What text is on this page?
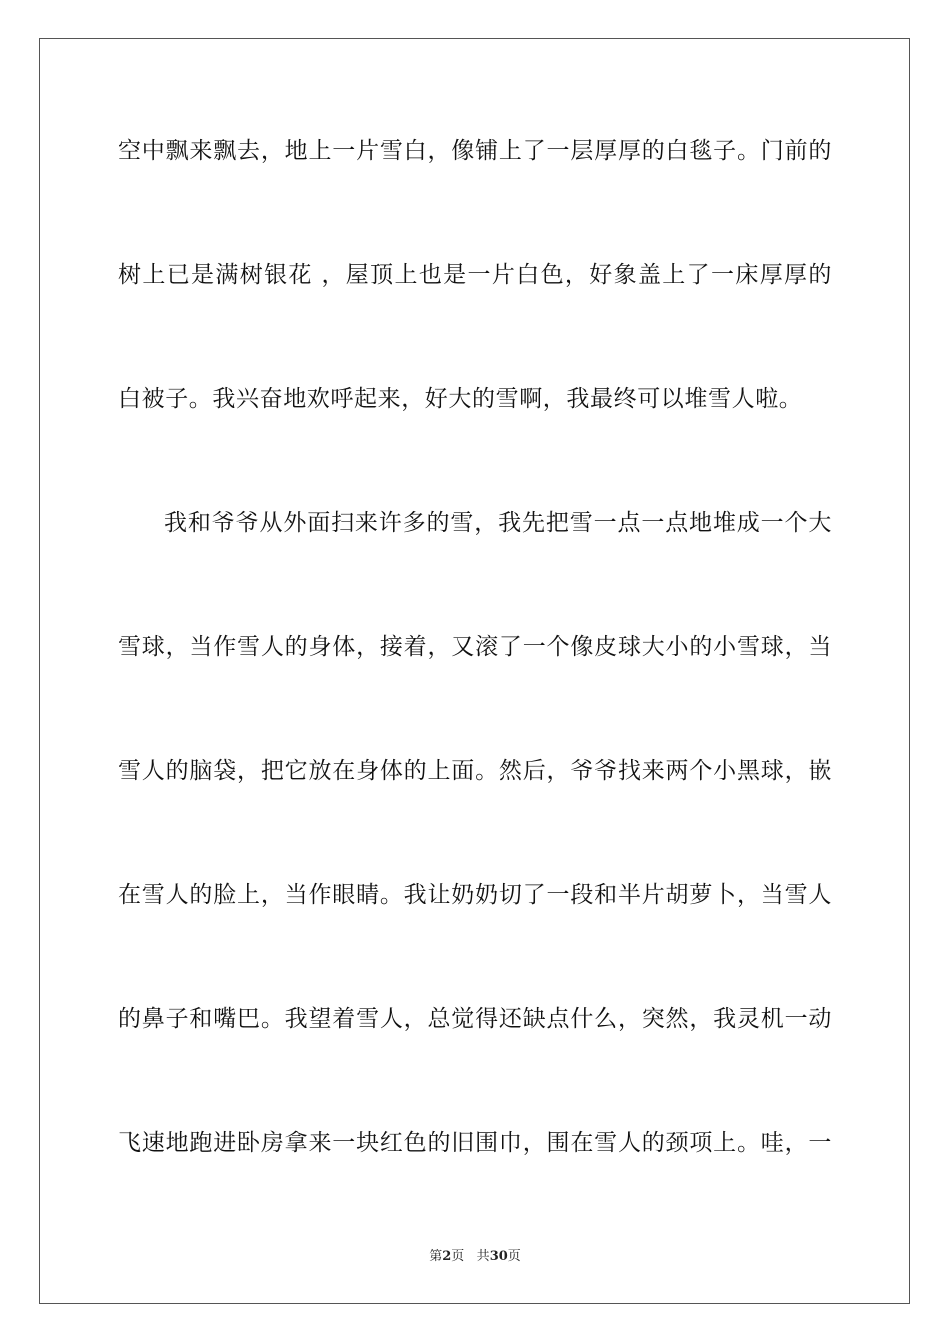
空中飘来飘去，地上一片雪白，像铺上了一层厚厚的白毯子。门前的
树上已是满树银花 ，屋顶上也是一片白色，好象盖上了一床厚厚的
白被子。我兴奋地欢呼起来，好大的雪啊，我最终可以堆雪人啦。
我和爷爷从外面扫来许多的雪，我先把雪一点一点地堆成一个大
雪球，当作雪人的身体，接着，又滚了一个像皮球大小的小雪球，当
雪人的脑袋，把它放在身体的上面。然后，爷爷找来两个小黑球，嵌
在雪人的脸上，当作眼睛。我让奶奶切了一段和半片胡萝卜，当雪人
的鼻子和嘴巴。我望着雪人，总觉得还缺点什么，突然，我灵机一动
飞速地跑进卧房拿来一块红色的旧围巾，围在雪人的颈项上。哇，一
第2页 共30页
